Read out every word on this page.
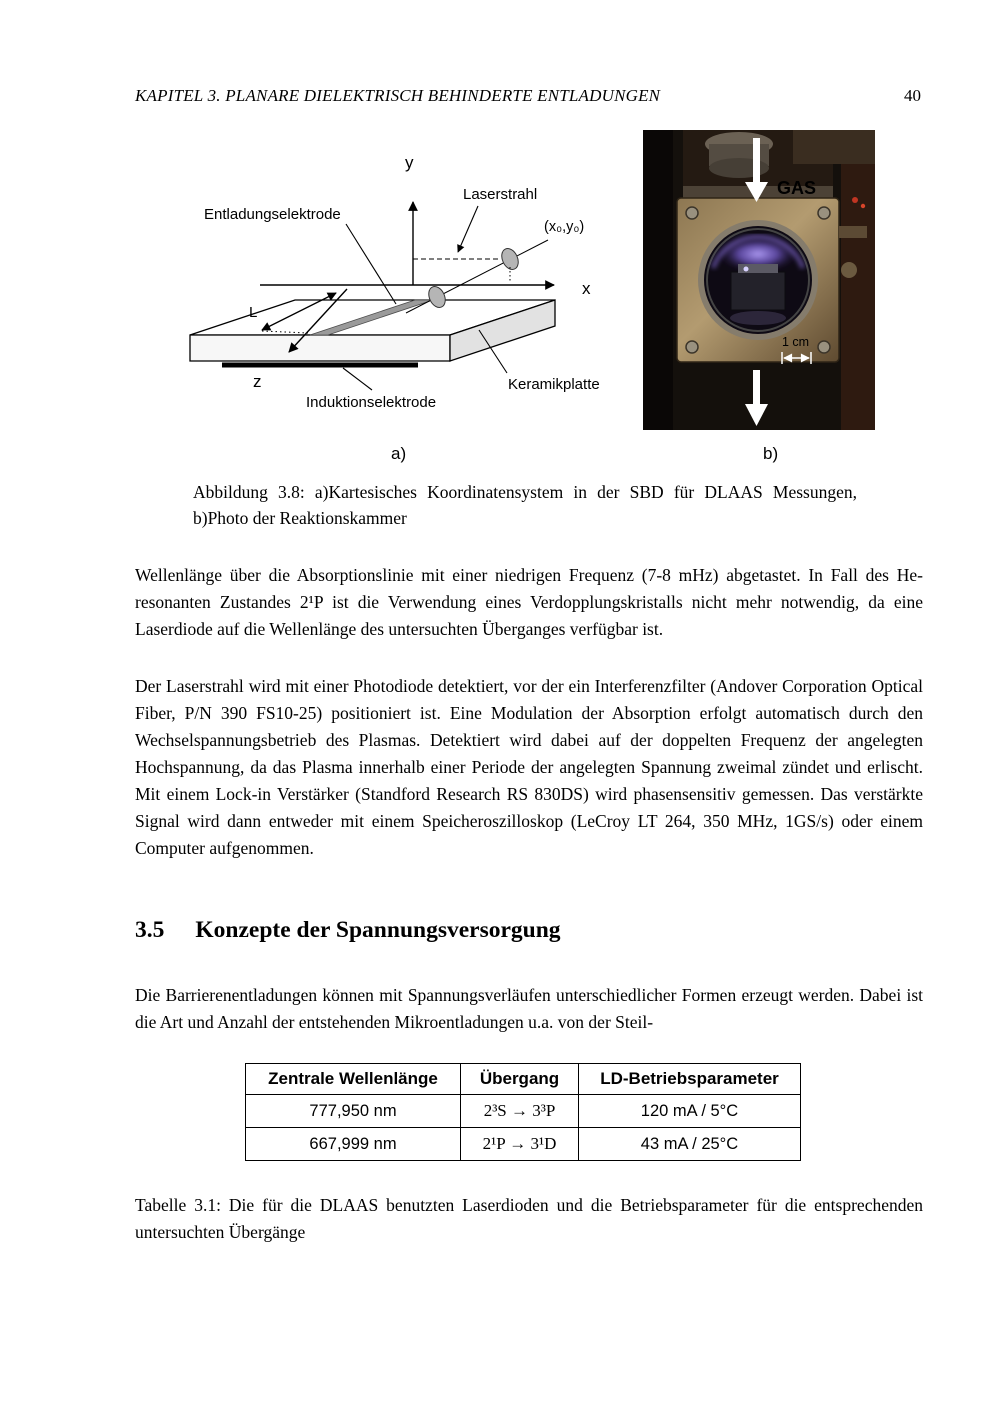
KAPITEL 3. PLANARE DIELEKTRISCH BEHINDERTE ENTLADUNGEN	40
Entladungselektrode
Laserstrahl
(x₀,y₀)
y
x
z
L
Keramikplatte
Induktionselektrode
GAS
1 cm
a)	b)
Abbildung 3.8: a)Kartesisches Koordinatensystem in der SBD für DLAAS Messungen, b)Photo der Reaktionskammer
Wellenlänge über die Absorptionslinie mit einer niedrigen Frequenz (7-8 mHz) abgetastet. In Fall des He-resonanten Zustandes 2¹P ist die Verwendung eines Verdopplungskristalls nicht mehr notwendig, da eine Laserdiode auf die Wellenlänge des untersuchten Überganges verfügbar ist.
Der Laserstrahl wird mit einer Photodiode detektiert, vor der ein Interferenzfilter (Andover Corporation Optical Fiber, P/N 390 FS10-25) positioniert ist. Eine Modulation der Absorption erfolgt automatisch durch den Wechselspannungsbetrieb des Plasmas. Detektiert wird dabei auf der doppelten Frequenz der angelegten Hochspannung, da das Plasma innerhalb einer Periode der angelegten Spannung zweimal zündet und erlischt. Mit einem Lock-in Verstärker (Standford Research RS 830DS) wird phasensensitiv gemessen. Das verstärkte Signal wird dann entweder mit einem Speicheroszilloskop (LeCroy LT 264, 350 MHz, 1GS/s) oder einem Computer aufgenommen.
3.5 Konzepte der Spannungsversorgung
Die Barrierenentladungen können mit Spannungsverläufen unterschiedlicher Formen erzeugt werden. Dabei ist die Art und Anzahl der entstehenden Mikroentladungen u.a. von der Steil-
Zentrale Wellenlänge	Übergang	LD-Betriebsparameter
777,950 nm	2³S → 3³P	120 mA / 5°C
667,999 nm	2¹P → 3¹D	43 mA / 25°C
Tabelle 3.1: Die für die DLAAS benutzten Laserdioden und die Betriebsparameter für die entsprechenden untersuchten Übergänge
